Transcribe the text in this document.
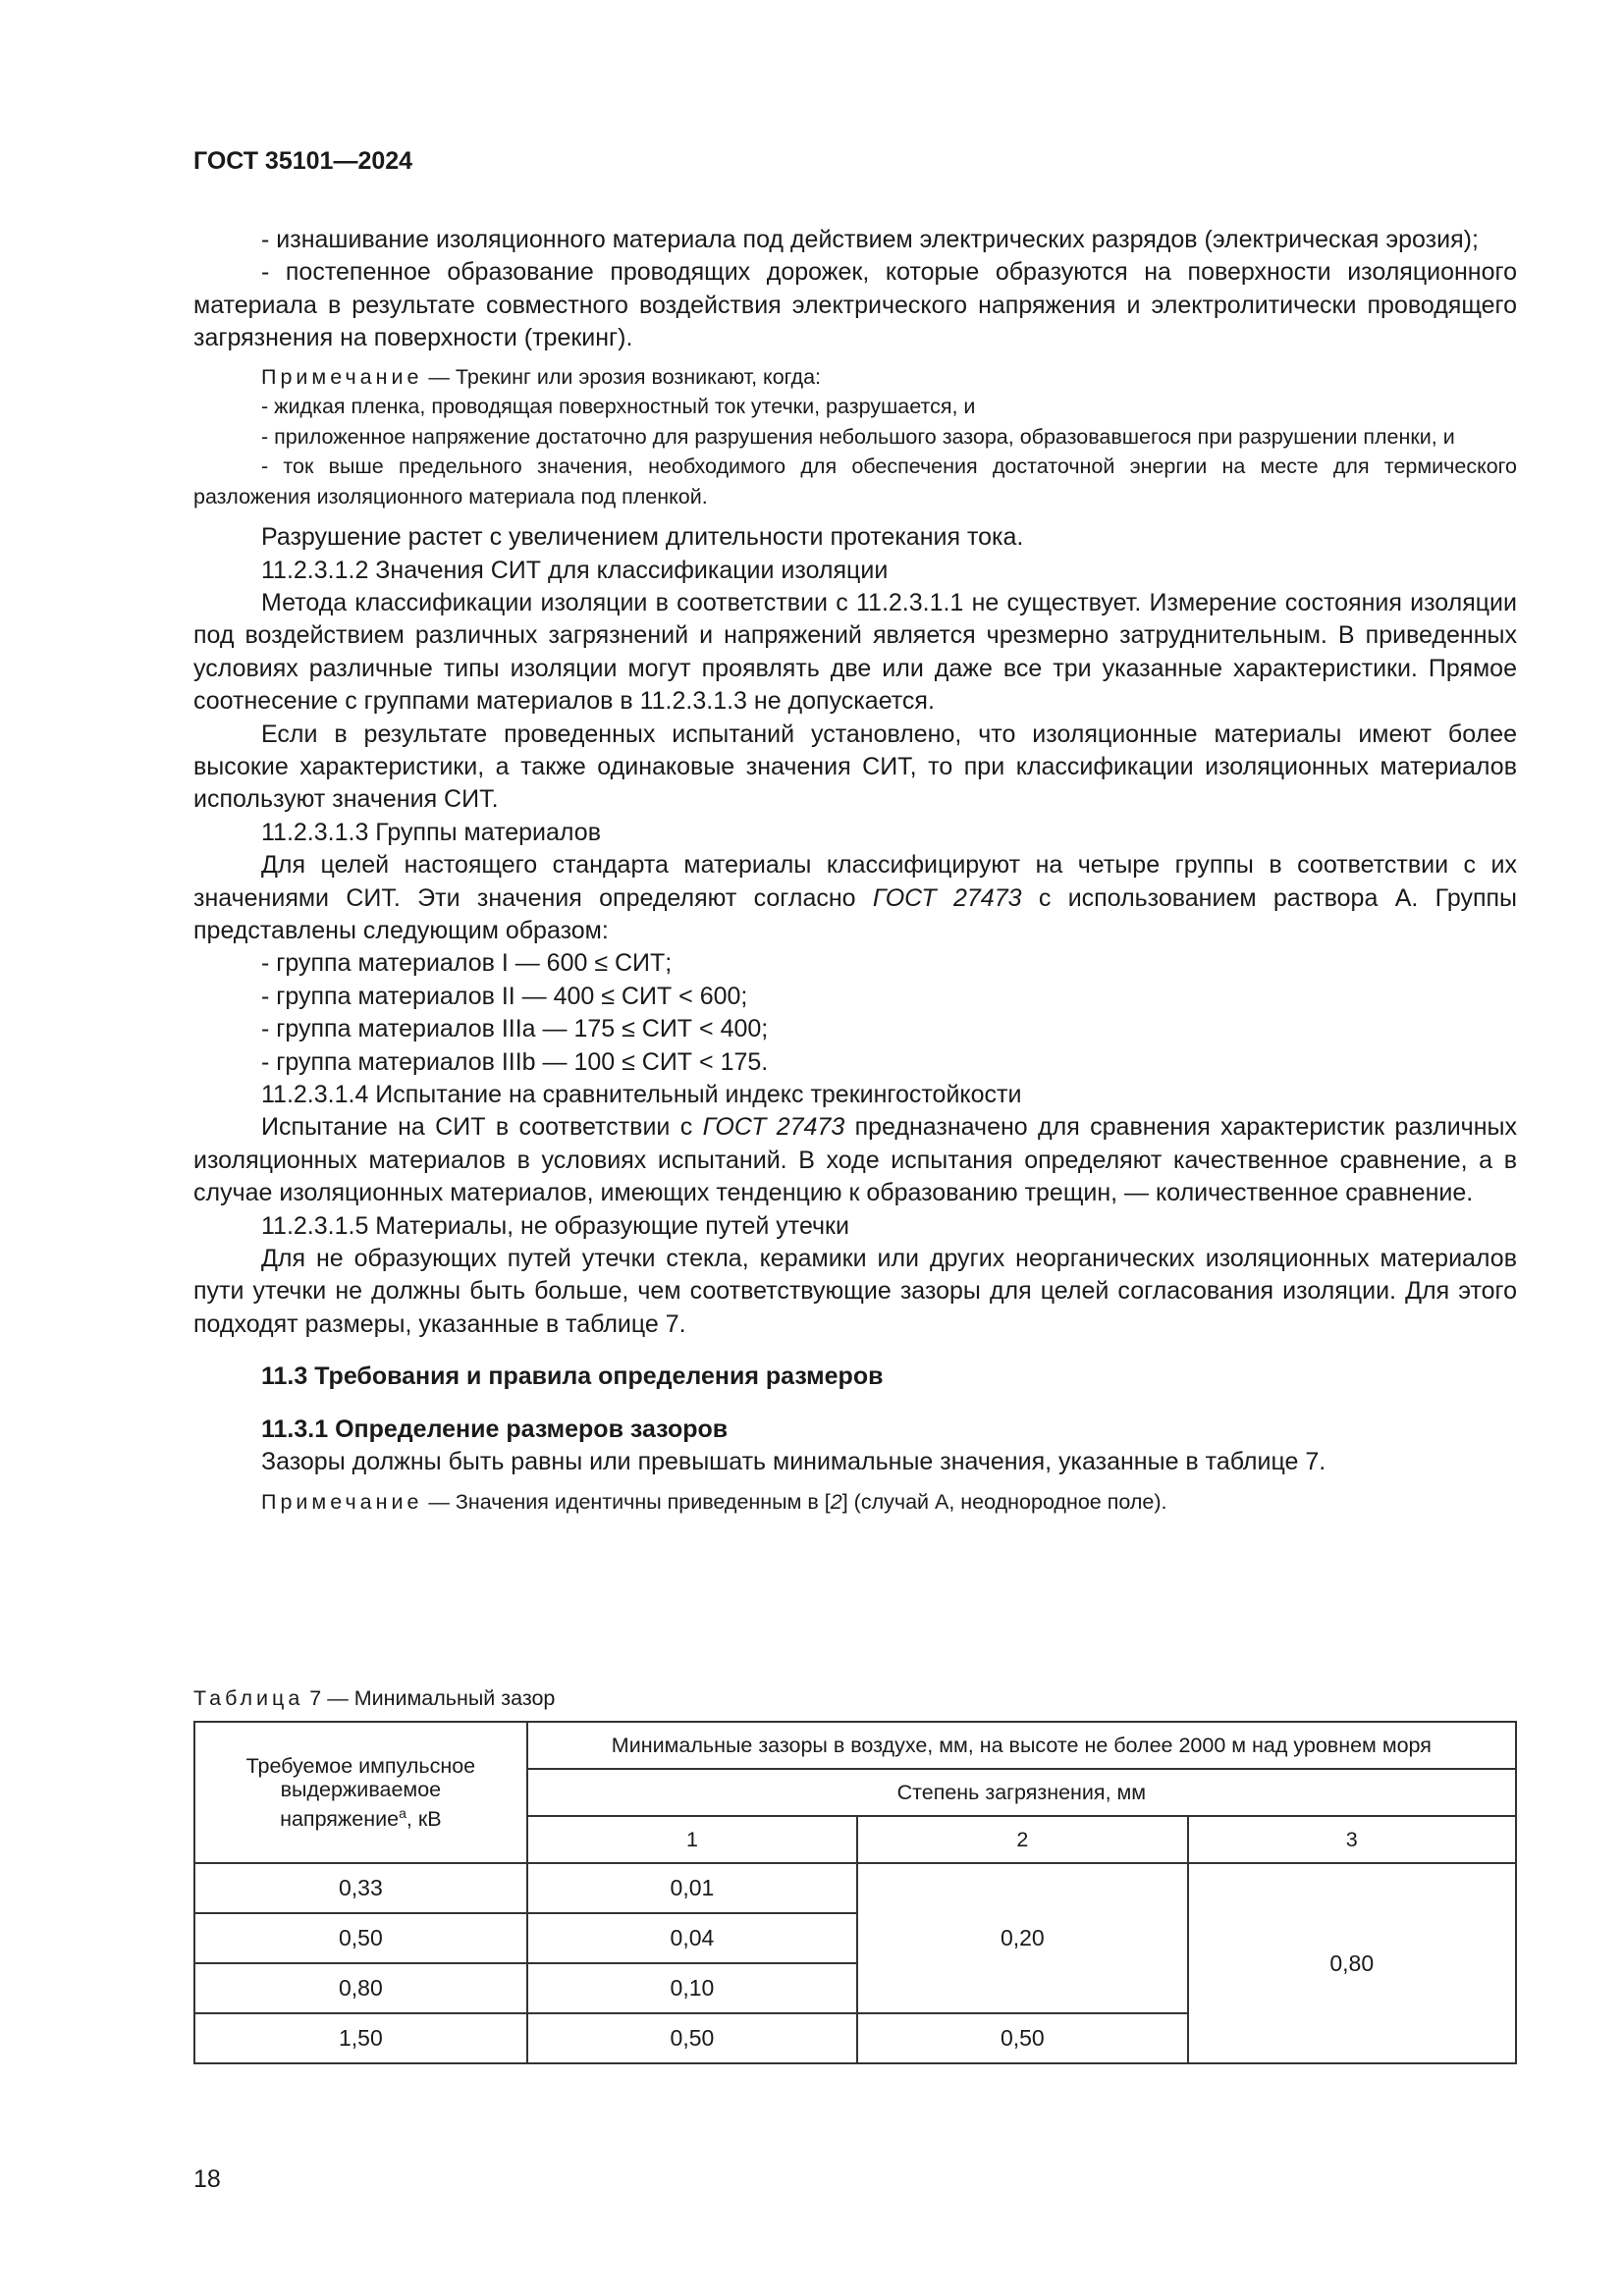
ГОСТ 35101—2024

- изнашивание изоляционного материала под действием электрических разрядов (электрическая эрозия);

- постепенное образование проводящих дорожек, которые образуются на поверхности изоляционного материала в результате совместного воздействия электрического напряжения и электролитически проводящего загрязнения на поверхности (трекинг).

Примечание — Трекинг или эрозия возникают, когда:

- жидкая пленка, проводящая поверхностный ток утечки, разрушается, и

- приложенное напряжение достаточно для разрушения небольшого зазора, образовавшегося при разрушении пленки, и

- ток выше предельного значения, необходимого для обеспечения достаточной энергии на месте для термического разложения изоляционного материала под пленкой.

Разрушение растет с увеличением длительности протекания тока.

11.2.3.1.2 Значения СИТ для классификации изоляции

Метода классификации изоляции в соответствии с 11.2.3.1.1 не существует. Измерение состояния изоляции под воздействием различных загрязнений и напряжений является чрезмерно затруднительным. В приведенных условиях различные типы изоляции могут проявлять две или даже все три указанные характеристики. Прямое соотнесение с группами материалов в 11.2.3.1.3 не допускается.

Если в результате проведенных испытаний установлено, что изоляционные материалы имеют более высокие характеристики, а также одинаковые значения СИТ, то при классификации изоляционных материалов используют значения СИТ.

11.2.3.1.3 Группы материалов

Для целей настоящего стандарта материалы классифицируют на четыре группы в соответствии с их значениями СИТ. Эти значения определяют согласно ГОСТ 27473 с использованием раствора А. Группы представлены следующим образом:

- группа материалов I — 600 ≤ СИТ;

- группа материалов II — 400 ≤ СИТ < 600;

- группа материалов IIIa — 175 ≤ СИТ < 400;

- группа материалов IIIb — 100 ≤ СИТ < 175.

11.2.3.1.4 Испытание на сравнительный индекс трекингостойкости

Испытание на СИТ в соответствии с ГОСТ 27473 предназначено для сравнения характеристик различных изоляционных материалов в условиях испытаний. В ходе испытания определяют качественное сравнение, а в случае изоляционных материалов, имеющих тенденцию к образованию трещин, — количественное сравнение.

11.2.3.1.5 Материалы, не образующие путей утечки

Для не образующих путей утечки стекла, керамики или других неорганических изоляционных материалов пути утечки не должны быть больше, чем соответствующие зазоры для целей согласования изоляции. Для этого подходят размеры, указанные в таблице 7.

11.3 Требования и правила определения размеров

11.3.1 Определение размеров зазоров

Зазоры должны быть равны или превышать минимальные значения, указанные в таблице 7.

Примечание — Значения идентичны приведенным в [2] (случай А, неоднородное поле).

Таблица 7 — Минимальный зазор
Требуемое импульсное выдерживаемое напряжение$^а$, кВ	Минимальные зазоры в воздухе, мм, на высоте не более 2000 м над уровнем моря		
	Степень загрязнения, мм		
	1	2	3
0,33	0,01	0,20	0,80
0,50	0,04		
0,80	0,10		
1,50	0,50	0,50	
18
